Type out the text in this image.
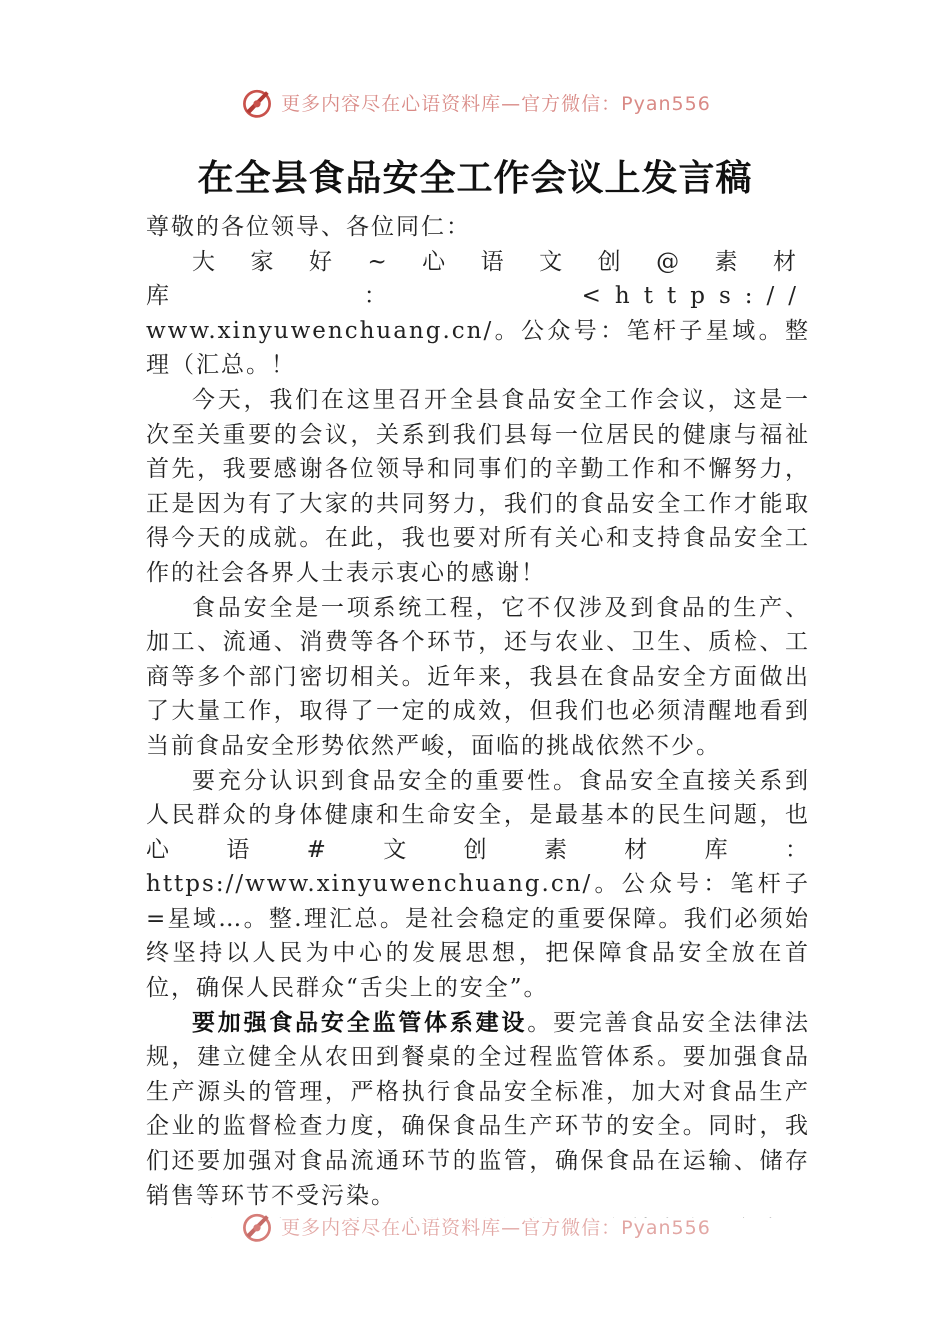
更多内容尽在心语资料库—官方微信：Pyan556
在全县食品安全工作会议上发言稿

尊敬的各位领导、各位同仁：

大 家 好 ~ 心 语 文 创 @ 素 材 库 ： <https://

www.xinyuwenchuang.cn/。公众号：笔杆子星域。整理（汇总。！

今天，我们在这里召开全县食品安全工作会议，这是一次至关重要的会议，关系到我们县每一位居民的健康与福祉首先，我要感谢各位领导和同事们的辛勤工作和不懈努力，正是因为有了大家的共同努力，我们的食品安全工作才能取得今天的成就。在此，我也要对所有关心和支持食品安全工作的社会各界人士表示衷心的感谢！

食品安全是一项系统工程，它不仅涉及到食品的生产、加工、流通、消费等各个环节，还与农业、卫生、质检、工商等多个部门密切相关。近年来，我县在食品安全方面做出了大量工作，取得了一定的成效，但我们也必须清醒地看到当前食品安全形势依然严峻，面临的挑战依然不少。

要充分认识到食品安全的重要性。食品安全直接关系到人民群众的身体健康和生命安全，是最基本的民生问题，也心语#文创素材库：https://www.xinyuwenchuang.cn/。公众号：笔杆子=星域…。整.理汇总。是社会稳定的重要保障。我们必须始终坚持以人民为中心的发展思想，把保障食品安全放在首位，确保人民群众“舌尖上的安全”。

要加强食品安全监管体系建设。要完善食品安全法律法规，建立健全从农田到餐桌的全过程监管体系。要加强食品生产源头的管理，严格执行食品安全标准，加大对食品生产企业的监督检查力度，确保食品生产环节的安全。同时，我们还要加强对食品流通环节的监管，确保食品在运输、储存销售等环节不受污染。

更多内容尽在心语资料库—官方微信：Pyan556
